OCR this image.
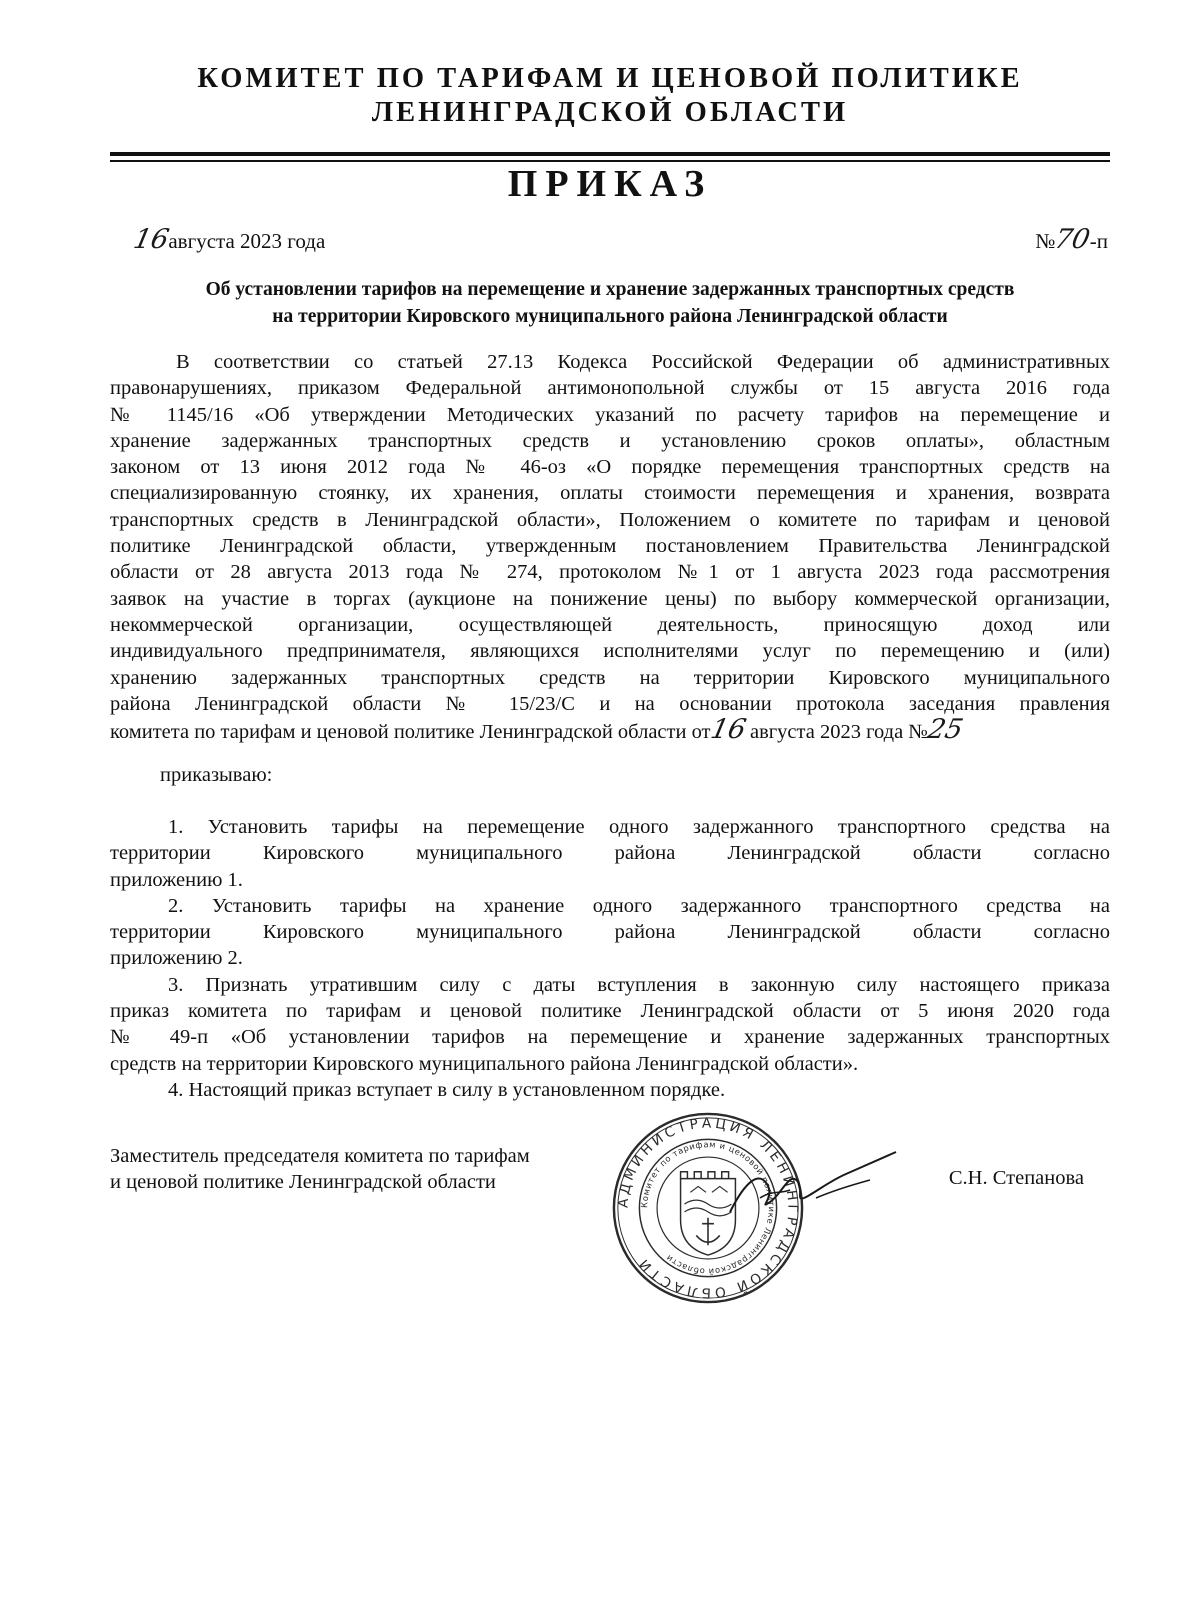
КОМИТЕТ ПО ТАРИФАМ И ЦЕНОВОЙ ПОЛИТИКЕ
ЛЕНИНГРАДСКОЙ ОБЛАСТИ
ПРИКАЗ
16августа 2023 года	№70-п
Об установлении тарифов на перемещение и хранение задержанных транспортных средств
на территории Кировского муниципального района Ленинградской области
В соответствии со статьей 27.13 Кодекса Российской Федерации об административных
правонарушениях, приказом Федеральной антимонопольной службы от 15 августа 2016 года
№ 1145/16 «Об утверждении Методических указаний по расчету тарифов на перемещение и
хранение задержанных транспортных средств и установлению сроков оплаты», областным
законом от 13 июня 2012 года № 46-оз «О порядке перемещения транспортных средств на
специализированную стоянку, их хранения, оплаты стоимости перемещения и хранения, возврата
транспортных средств в Ленинградской области», Положением о комитете по тарифам и ценовой
политике Ленинградской области, утвержденным постановлением Правительства Ленинградской
области от 28 августа 2013 года № 274, протоколом №1 от 1 августа 2023 года рассмотрения
заявок на участие в торгах (аукционе на понижение цены) по выбору коммерческой организации,
некоммерческой организации, осуществляющей деятельность, приносящую доход или
индивидуального предпринимателя, являющихся исполнителями услуг по перемещению и (или)
хранению задержанных транспортных средств на территории Кировского муниципального
района Ленинградской области № 15/23/С и на основании протокола заседания правления
комитета по тарифам и ценовой политике Ленинградской области от16 августа 2023 года №25
приказываю:
1. Установить тарифы на перемещение одного задержанного транспортного средства на
территории Кировского муниципального района Ленинградской области согласно
приложению 1.
2. Установить тарифы на хранение одного задержанного транспортного средства на
территории Кировского муниципального района Ленинградской области согласно
приложению 2.
3. Признать утратившим силу с даты вступления в законную силу настоящего приказа
приказ комитета по тарифам и ценовой политике Ленинградской области от 5 июня 2020 года
№ 49-п «Об установлении тарифов на перемещение и хранение задержанных транспортных
средств на территории Кировского муниципального района Ленинградской области».
4. Настоящий приказ вступает в силу в установленном порядке.
Заместитель председателя комитета по тарифам
и ценовой политике Ленинградской области
АДМИНИСТРАЦИЯ ЛЕНИНГРАДСКОЙ ОБЛАСТИ
Комитет по тарифам и ценовой политике Ленинградской области
С.Н. Степанова
